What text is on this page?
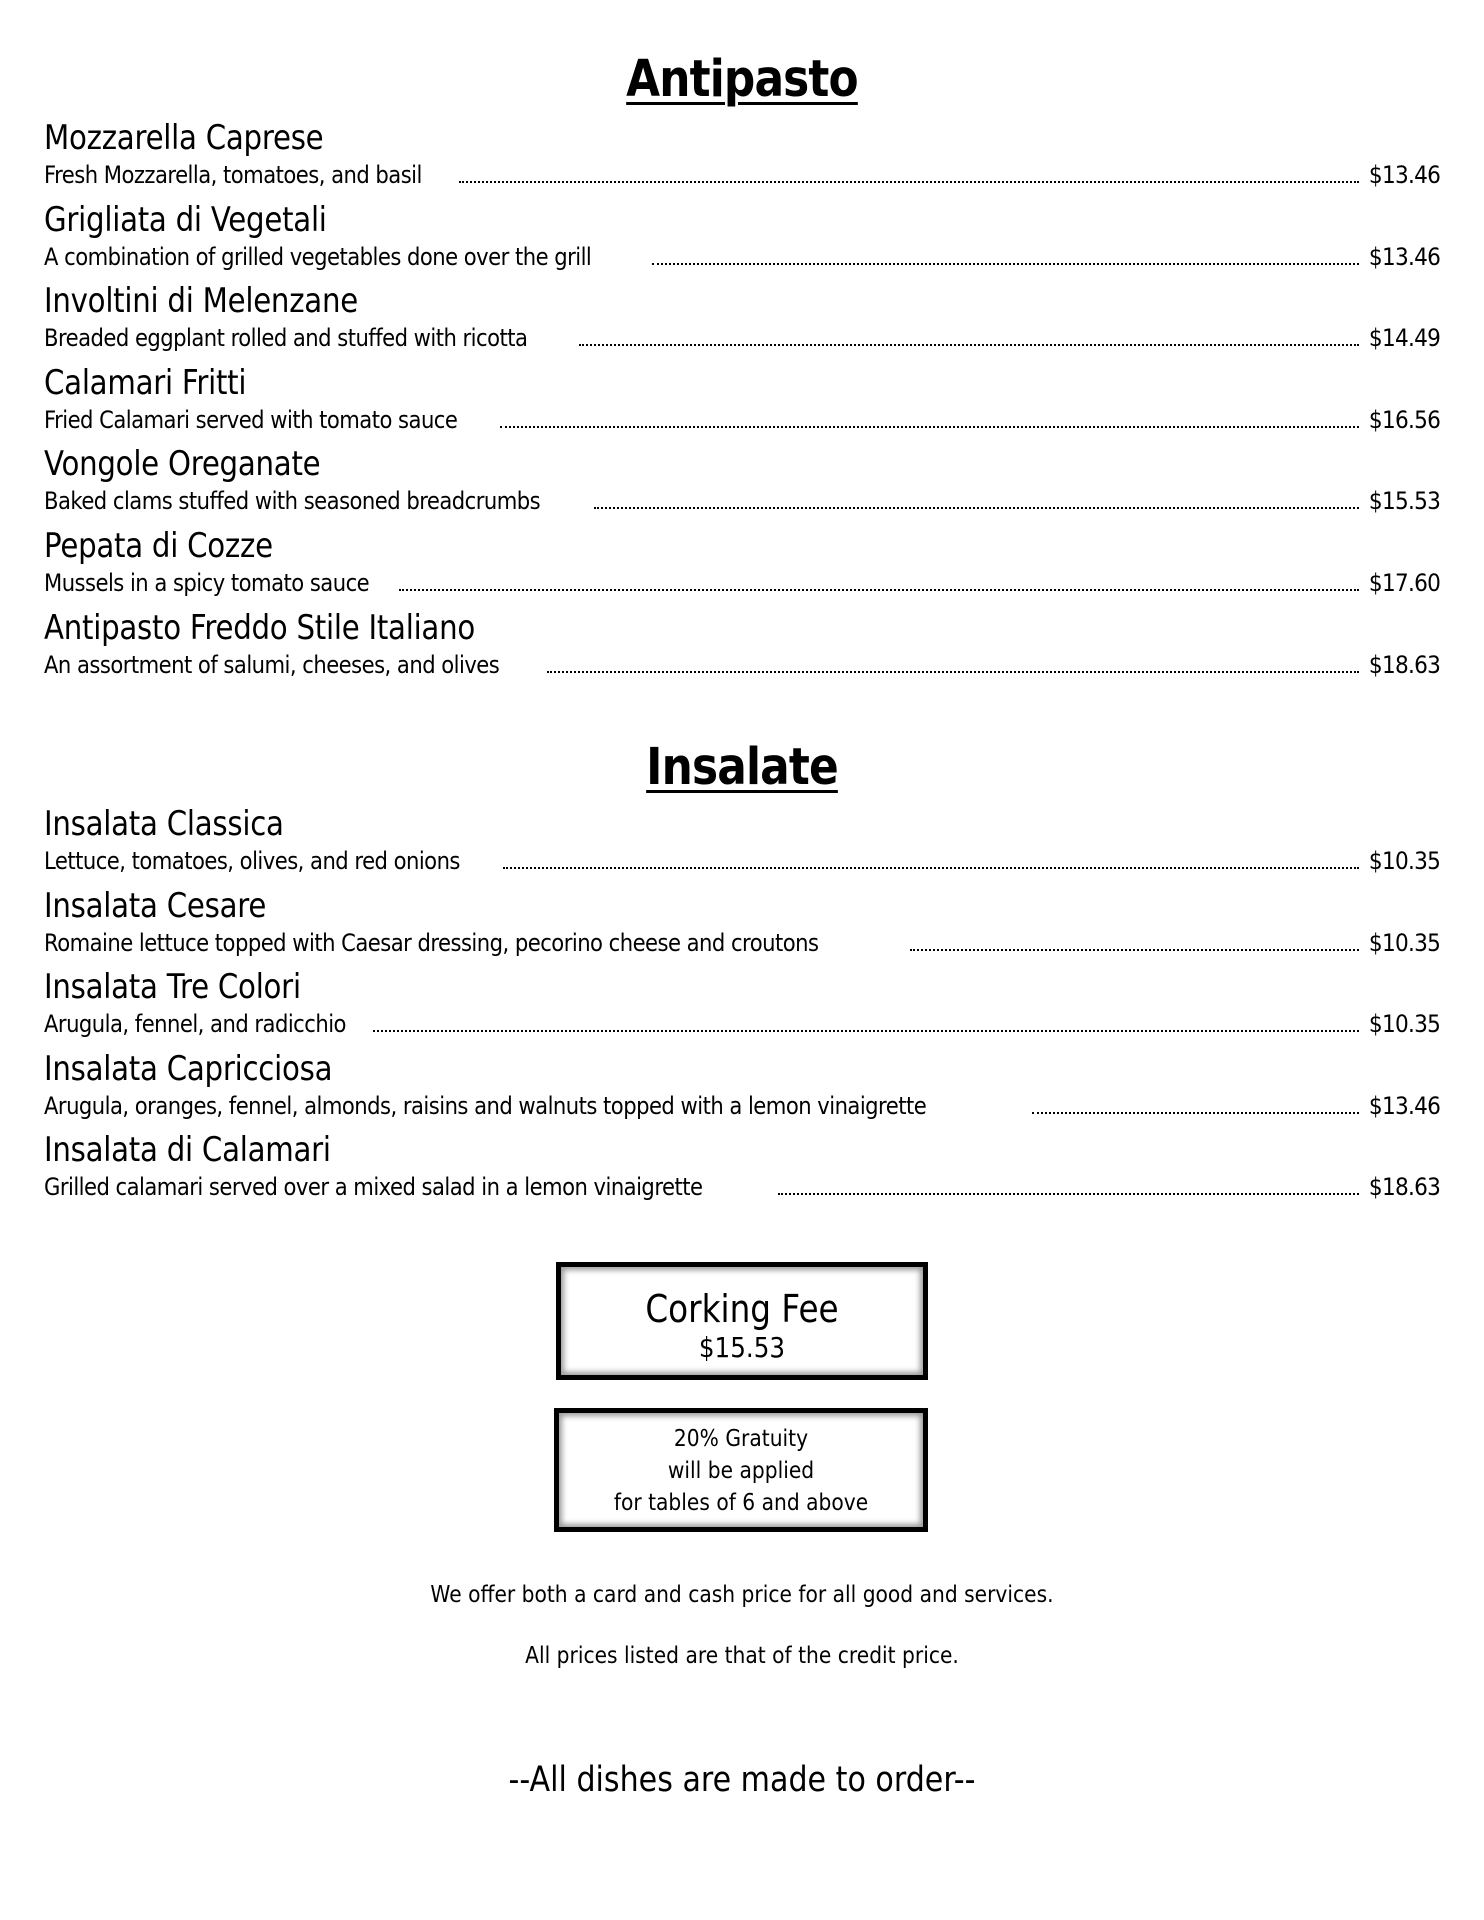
Antipasto
Mozzarella Caprese
Fresh Mozzarella, tomatoes, and basil	$13.46
Grigliata di Vegetali
A combination of grilled vegetables done over the grill	$13.46
Involtini di Melenzane
Breaded eggplant rolled and stuffed with ricotta	$14.49
Calamari Fritti
Fried Calamari served with tomato sauce	$16.56
Vongole Oreganate
Baked clams stuffed with seasoned breadcrumbs	$15.53
Pepata di Cozze
Mussels in a spicy tomato sauce	$17.60
Antipasto Freddo Stile Italiano
An assortment of salumi, cheeses, and olives	$18.63
Insalate
Insalata Classica
Lettuce, tomatoes, olives, and red onions	$10.35
Insalata Cesare
Romaine lettuce topped with Caesar dressing, pecorino cheese and croutons	$10.35
Insalata Tre Colori
Arugula, fennel, and radicchio	$10.35
Insalata Capricciosa
Arugula, oranges, fennel, almonds, raisins and walnuts topped with a lemon vinaigrette	$13.46
Insalata di Calamari
Grilled calamari served over a mixed salad in a lemon vinaigrette	$18.63
Corking Fee
$15.53
20% Gratuity
will be applied
for tables of 6 and above
We offer both a card and cash price for all good and services.
All prices listed are that of the credit price.
--All dishes are made to order--
